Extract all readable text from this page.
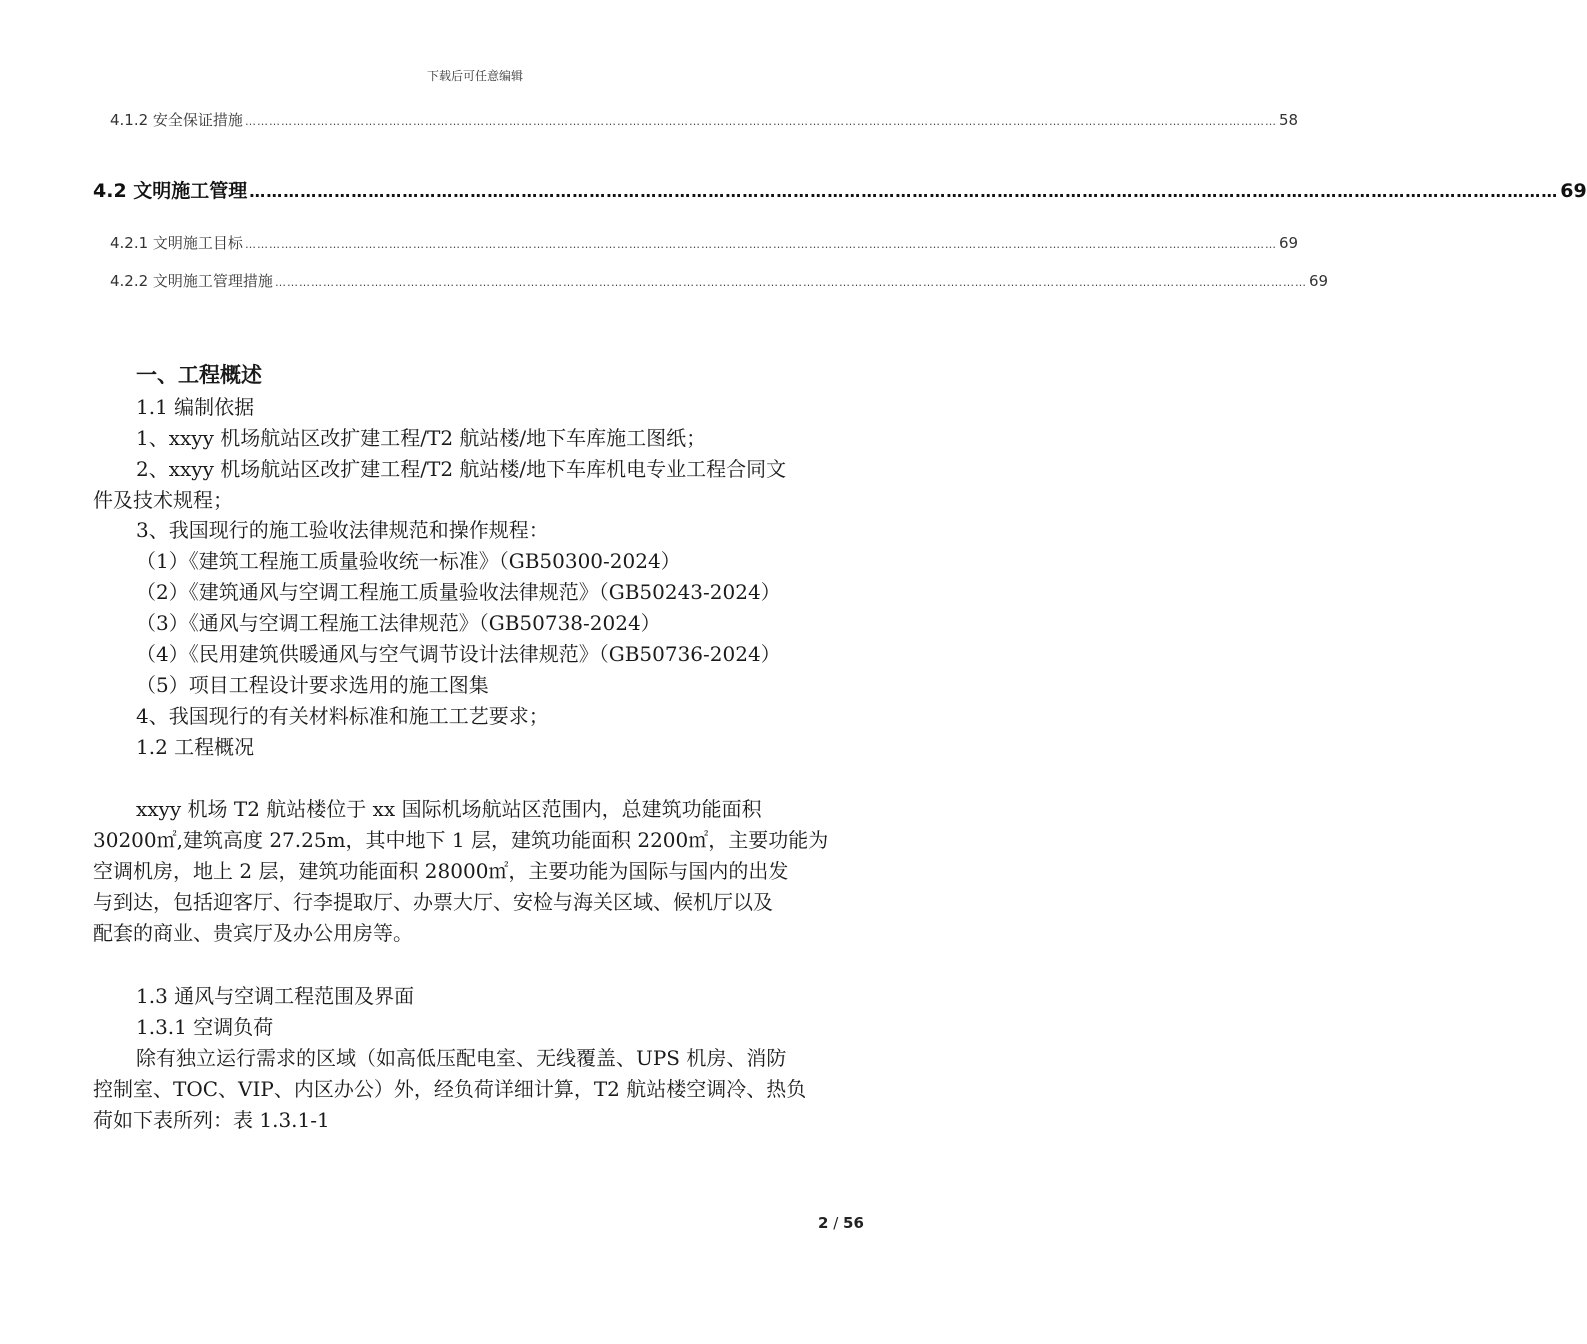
下载后可任意编辑
4.1.2 安全保证措施 …………………………………………………………………………………………………………………………………………………………………………………………………………………………………… 58
4.2 文明施工管理 …………………………………………………………………………………………………………………………………………………………………………………………………………… 69
4.2.1 文明施工目标 …………………………………………………………………………………………………………………………………………………………………………………………………………………………………… 69
4.2.2 文明施工管理措施 …………………………………………………………………………………………………………………………………………………………………………………………………………………………………… 69
一、工程概述
1.1 编制依据
1、xxyy 机场航站区改扩建工程/T2 航站楼/地下车库施工图纸；
2、xxyy 机场航站区改扩建工程/T2 航站楼/地下车库机电专业工程合同文
件及技术规程；
3、我国现行的施工验收法律规范和操作规程：
（1）《建筑工程施工质量验收统一标准》（GB50300-2024）
（2）《建筑通风与空调工程施工质量验收法律规范》（GB50243-2024）
（3）《通风与空调工程施工法律规范》（GB50738-2024）
（4）《民用建筑供暖通风与空气调节设计法律规范》（GB50736-2024）
（5）项目工程设计要求选用的施工图集
4、我国现行的有关材料标准和施工工艺要求；
1.2 工程概况
xxyy 机场 T2 航站楼位于 xx 国际机场航站区范围内，总建筑功能面积
30200㎡,建筑高度 27.25m，其中地下 1 层，建筑功能面积 2200㎡，主要功能为
空调机房，地上 2 层，建筑功能面积 28000㎡，主要功能为国际与国内的出发
与到达，包括迎客厅、行李提取厅、办票大厅、安检与海关区域、候机厅以及
配套的商业、贵宾厅及办公用房等。
1.3 通风与空调工程范围及界面
1.3.1 空调负荷
除有独立运行需求的区域（如高低压配电室、无线覆盖、UPS 机房、消防
控制室、TOC、VIP、内区办公）外，经负荷详细计算，T2 航站楼空调冷、热负
荷如下表所列：表 1.3.1-1
2 / 56
